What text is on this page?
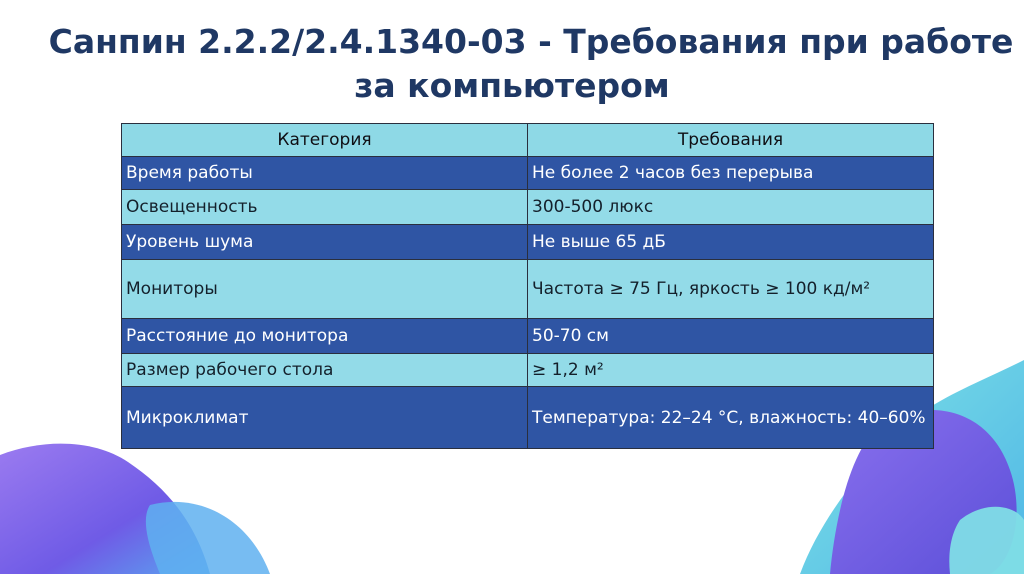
Санпин 2.2.2/2.4.1340-03 - Требования при работе
за компьютером
Категория	Требования
Время работы	Не более 2 часов без перерыва
Освещенность	300-500 люкс
Уровень шума	Не выше 65 дБ
Мониторы	Частота ≥ 75 Гц, яркость ≥ 100 кд/м²
Расстояние до монитора	50-70 см
Размер рабочего стола	≥ 1,2 м²
Микроклимат	Температура: 22–24 °С, влажность: 40–60%
